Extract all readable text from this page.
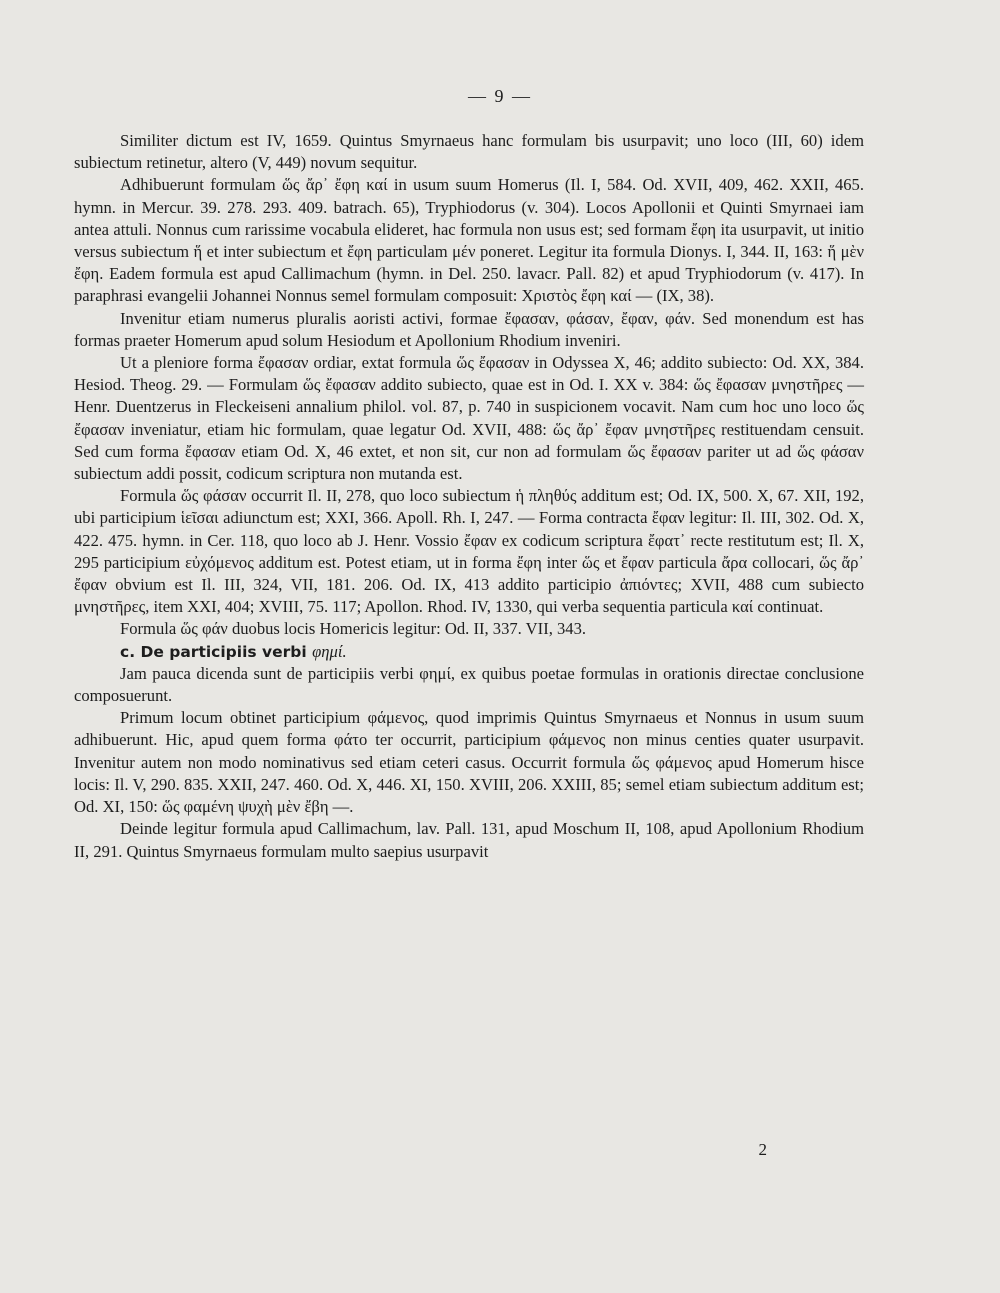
— 9 —

Similiter dictum est IV, 1659. Quintus Smyrnaeus hanc formulam bis usurpavit; uno loco (III, 60) idem subiectum retinetur, altero (V, 449) novum sequitur.

Adhibuerunt formulam ὥς ἄρ᾽ ἔφη καί in usum suum Homerus (Il. I, 584. Od. XVII, 409, 462. XXII, 465. hymn. in Mercur. 39. 278. 293. 409. batrach. 65), Tryphiodorus (v. 304). Locos Apollonii et Quinti Smyrnaei iam antea attuli. Nonnus cum rarissime vocabula elideret, hac formula non usus est; sed formam ἔφη ita usurpavit, ut initio versus subiectum ἥ et inter subiectum et ἔφη particulam μέν poneret. Legitur ita formula Dionys. I, 344. II, 163: ἥ μὲν ἔφη. Eadem formula est apud Callimachum (hymn. in Del. 250. lavacr. Pall. 82) et apud Tryphiodorum (v. 417). In paraphrasi evangelii Johannei Nonnus semel formulam composuit: Χριστὸς ἔφη καί — (IX, 38).

Invenitur etiam numerus pluralis aoristi activi, formae ἔφασαν, φάσαν, ἔφαν, φάν. Sed monendum est has formas praeter Homerum apud solum Hesiodum et Apollonium Rhodium inveniri.

Ut a pleniore forma ἔφασαν ordiar, extat formula ὥς ἔφασαν in Odyssea X, 46; addito subiecto: Od. XX, 384. Hesiod. Theog. 29. — Formulam ὥς ἔφασαν addito subiecto, quae est in Od. I. XX v. 384: ὥς ἔφασαν μνηστῆρες — Henr. Duentzerus in Fleckeiseni annalium philol. vol. 87, p. 740 in suspicionem vocavit. Nam cum hoc uno loco ὥς ἔφασαν inveniatur, etiam hic formulam, quae legatur Od. XVII, 488: ὥς ἄρ᾽ ἔφαν μνηστῆρες restituendam censuit. Sed cum forma ἔφασαν etiam Od. X, 46 extet, et non sit, cur non ad formulam ὥς ἔφασαν pariter ut ad ὥς φάσαν subiectum addi possit, codicum scriptura non mutanda est.

Formula ὥς φάσαν occurrit Il. II, 278, quo loco subiectum ἡ πληθύς additum est; Od. IX, 500. X, 67. XII, 192, ubi participium ἱεῖσαι adiunctum est; XXI, 366. Apoll. Rh. I, 247. — Forma contracta ἔφαν legitur: Il. III, 302. Od. X, 422. 475. hymn. in Cer. 118, quo loco ab J. Henr. Vossio ἔφαν ex codicum scriptura ἔφατ᾽ recte restitutum est; Il. X, 295 participium εὐχόμενος additum est. Potest etiam, ut in forma ἔφη inter ὥς et ἔφαν particula ἄρα collocari, ὥς ἄρ᾽ ἔφαν obvium est Il. III, 324, VII, 181. 206. Od. IX, 413 addito participio ἀπιόντες; XVII, 488 cum subiecto μνηστῆρες, item XXI, 404; XVIII, 75. 117; Apollon. Rhod. IV, 1330, qui verba sequentia particula καί continuat.

Formula ὥς φάν duobus locis Homericis legitur: Od. II, 337. VII, 343.

c. De participiis verbi φημί.

Jam pauca dicenda sunt de participiis verbi φημί, ex quibus poetae formulas in orationis directae conclusione composuerunt.

Primum locum obtinet participium φάμενος, quod imprimis Quintus Smyrnaeus et Nonnus in usum suum adhibuerunt. Hic, apud quem forma φάτο ter occurrit, participium φάμενος non minus centies quater usurpavit. Invenitur autem non modo nominativus sed etiam ceteri casus. Occurrit formula ὥς φάμενος apud Homerum hisce locis: Il. V, 290. 835. XXII, 247. 460. Od. X, 446. XI, 150. XVIII, 206. XXIII, 85; semel etiam subiectum additum est; Od. XI, 150: ὥς φαμένη ψυχὴ μὲν ἔβη —.

Deinde legitur formula apud Callimachum, lav. Pall. 131, apud Moschum II, 108, apud Apollonium Rhodium II, 291. Quintus Smyrnaeus formulam multo saepius usurpavit

2
